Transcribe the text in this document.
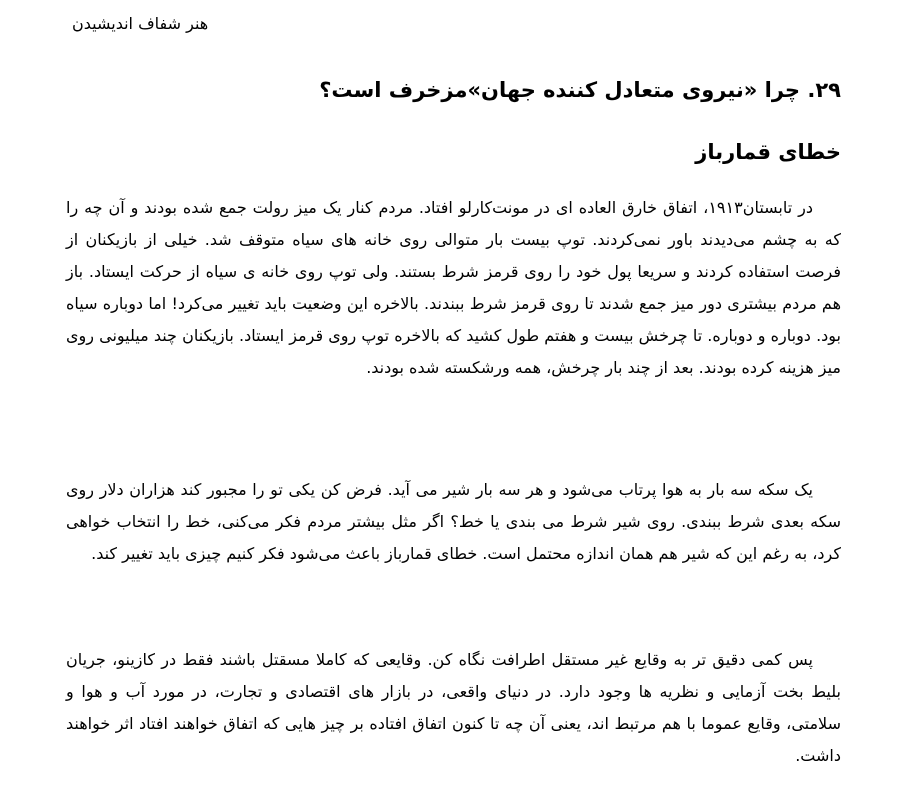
هنر شفاف اندیشیدن
۲۹. چرا «نیروی متعادل کننده جهان»مزخرف است؟
خطای قمارباز

در تابستان۱۹۱۳، اتفاق خارق العاده ای در مونت‌کارلو افتاد. مردم کنار یک میز رولت جمع شده بودند و آن چه را که به چشم می‌دیدند باور نمی‌کردند. توپ بیست بار متوالی روی خانه های سیاه متوقف شد. خیلی از بازیکنان از فرصت استفاده کردند و سریعا پول خود را روی قرمز شرط بستند. ولی توپ روی خانه ی سیاه از حرکت ایستاد. باز هم مردم بیشتری دور میز جمع شدند تا روی قرمز شرط ببندند. بالاخره این وضعیت باید تغییر می‌کرد! اما دوباره سیاه بود. دوباره و دوباره. تا چرخش بیست و هفتم طول کشید که بالاخره توپ روی قرمز ایستاد. بازیکنان چند میلیونی روی میز هزینه کرده بودند. بعد از چند بار چرخش، همه ورشکسته شده بودند.

یک سکه سه بار به هوا پرتاب می‌شود و هر سه بار شیر می آید. فرض کن یکی تو را مجبور کند هزاران دلار روی سکه بعدی شرط ببندی. روی شیر شرط می بندی یا خط؟ اگر مثل بیشتر مردم فکر می‌کنی، خط را انتخاب خواهی کرد، به رغم این که شیر هم همان اندازه محتمل است. خطای قمارباز باعث می‌شود فکر کنیم چیزی باید تغییر کند.

پس کمی دقیق تر به وقایع غیر مستقل اطرافت نگاه کن. وقایعی که کاملا مسقتل باشند فقط در کازینو، جریان بلیط بخت آزمایی و نظریه ها وجود دارد. در دنیای واقعی، در بازار های اقتصادی و تجارت، در مورد آب و هوا و سلامتی، وقایع عموما با هم مرتبط اند، یعنی آن چه تا کنون اتفاق افتاده بر چیز هایی که اتفاق خواهند افتاد اثر خواهند داشت.
